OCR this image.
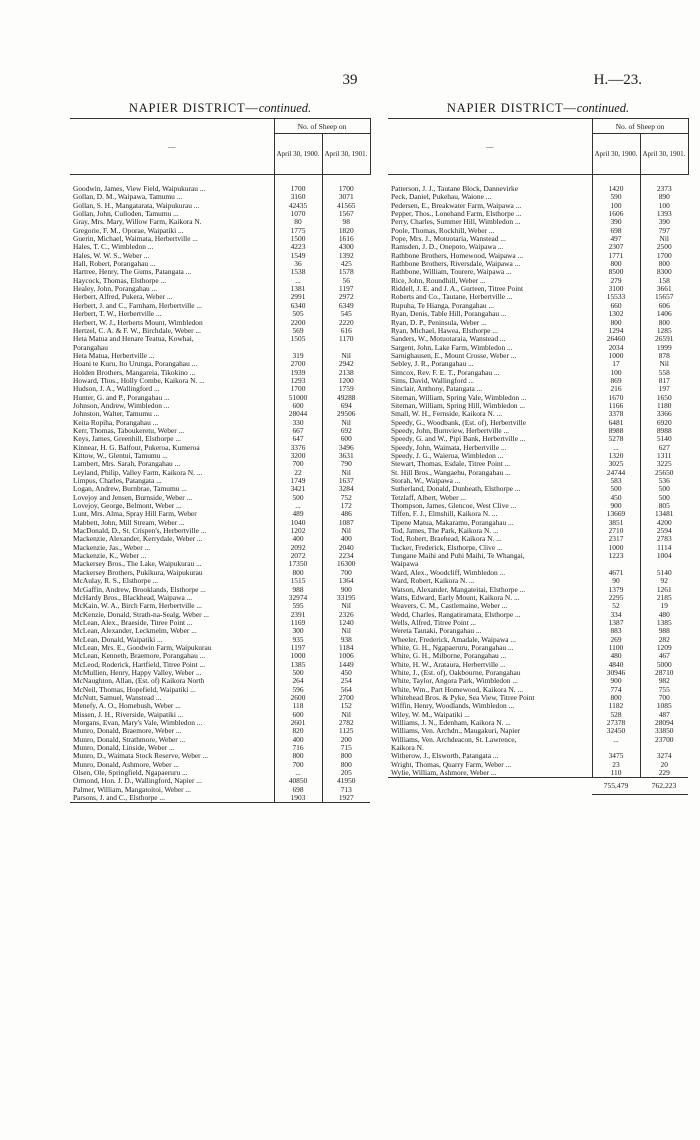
39	H.—23.
NAPIER DISTRICT—continued.
—	No. of Sheep on	
	April 30, 1900.	April 30, 1901.

Goodwin, James, View Field, Waipukurau ...	1700	1700
Gollan, D. M., Waipawa, Tamumu ...	3160	3071
Gollan, S. H., Mangatarata, Waipukurau ...	42435	41565
Gollan, John, Culloden, Tamumu ...	1070	1567
Gray, Mrs. Mary, Willow Farm, Kaikora N.	80	98
Gregorie, F. M., Oporae, Waipatiki ...	1775	1820
Guerin, Michael, Waimata, Herbertville ...	1500	1616
Hales, T. C., Wimbledon ...	4223	4300
Hales, W. W. S., Weber ...	1549	1392
Hall, Robert, Porangahau ...	36	425
Hartree, Henry, The Gums, Patangata ...	1538	1578
Haycock, Thomas, Elsthorpe ...	...	56
Healey, John, Porangahau ...	1381	1197
Herbert, Alfred, Pukera, Weber ...	2991	2972
Herbert, J. and C., Farnham, Herbertville ...	6340	6349
Herbert, T. W., Herbertville ...	505	545
Herbert, W. J., Herberts Mount, Wimbledon	2200	2220
Hertzel, C. A. & F. W., Birchdale, Weber ...	569	616
Heta Matua and Henare Teatua, Kowhai,	1505	1170
Porangahau		
Heta Matua, Herbertville ...	319	Nil
Hoani te Kuru, Ito Urunga, Porangahau ...	2700	2942
Holden Brothers, Mangareia, Tikokino ...	1939	2138
Howard, Thos., Holly Combe, Kaikora N. ...	1293	1200
Hudson, J. A., Wallingford ...	1700	1759
Hunter, G. and P., Porangahau ...	51000	49288
Johnson, Andrew, Wimbledon ...	600	694
Johnston, Walter, Tamumu ...	28044	29506
Keita Ropiha, Porangahau ...	330	Nil
Kerr, Thomas, Taboukeretu, Weber ...	667	692
Keys, James, Greenhill, Elsthorpe ...	647	600
Kinnear, H. G. Balfour, Pukeroa, Kumeroa	3376	3496
Kittow, W., Glentui, Tamumu ...	3200	3631
Lambert, Mrs. Sarah, Porangahau ...	700	790
Leyland, Philip, Valley Farm, Kaikora N. ...	22	Nil
Limpus, Charles, Patangata ...	1749	1637
Logan, Andrew, Burnbrae, Tamumu ...	3421	3284
Lovejoy and Jensen, Burnside, Weber ...	500	752
Lovejoy, George, Belmont, Weber ...	...	172
Lunt, Mrs. Alma, Spray Hill Farm, Weber	489	486
Mabbett, John, Mill Stream, Weber ...	1040	1087
MacDonald, D., St. Crispen's, Herbertville ...	1202	Nil
Mackenzie, Alexander, Kerrydale, Weber ...	400	400
Mackenzie, Jas., Weber ...	2092	2040
Mackenzie, K., Weber ...	2072	2234
Mackersey Bros., The Lake, Waipukurau ...	17350	16300
Mackersey Brothers, Pukikura, Waipukurau	800	700
McAulay, R. S., Elsthorpe ...	1515	1364
McGaffin, Andrew, Brooklands, Elsthorpe ...	988	900
McHardy Bros., Blackhead, Waipawa ...	32974	33195
McKain, W. A., Birch Farm, Herbertville ...	595	Nil
McKenzie, Donald, Strath-na-Sealg, Weber ...	2391	2326
McLean, Alex., Braeside, Titree Point ...	1169	1240
McLean, Alexander, Leckmelm, Weber ...	300	Nil
McLean, Donald, Waipatiki ...	935	938
McLean, Mrs. E., Goodwin Farm, Waipukurau	1197	1184
McLean, Kenneth, Braemore, Porangahau ...	1000	1006
McLeod, Roderick, Hartfield, Titree Point ...	1385	1449
McMullien, Henry, Happy Valley, Weber ...	500	450
McNaughton, Allan, (Est. of) Kaikora North	264	254
McNeil, Thomas, Hopefield, Waipatiki ...	596	564
McNutt, Samuel, Wanstead ...	2600	2700
Menefy, A. O., Homebush, Weber ...	118	152
Missen, J. H., Riverside, Waipatiki ...	600	Nil
Morgans, Evan, Mary's Vale, Wimbledon ...	2601	2782
Munro, Donald, Braemore, Weber ...	820	1125
Munro, Donald, Strathmore, Weber ...	400	200
Munro, Donald, Linside, Weber ...	716	715
Munro, D., Waimata Stock Reserve, Weber ...	800	800
Munro, Donald, Ashmore, Weber ...	700	800
Olsen, Ole, Springfield, Ngapaeruru ...	...	205
Ormond, Hon. J. D., Wallingford, Napier ...	40850	41950
Palmer, William, Mangatoitoi, Weber ...	698	713
Parsons, J. and C., Elsthorpe ...	1903	1927
NAPIER DISTRICT—continued.
—	No. of Sheep on	
	April 30, 1900.	April 30, 1901.

Patterson, J. J., Tautane Block, Dannevirke	1420	2373
Peck, Daniel, Pukehau, Waione ...	590	890
Pedersen, E., Breakwater Farm, Waipawa ...	100	100
Pepper, Thos., Lonehand Farm, Elsthorpe ...	1606	1393
Perry, Charles, Summer Hill, Wimbledon ...	390	390
Poole, Thomas, Rockhill, Weber ...	698	797
Pope, Mrs. J., Motuotaria, Wanstead ...	497	Nil
Ramsden, J. D., Onepoto, Waipawa ...	2307	2500
Rathbone Brothers, Homewood, Waipawa ...	1771	1700
Rathbone Brothers, Riversdale, Waipawa ...	800	800
Rathbone, William, Tourere, Waipawa ...	8500	8300
Rice, John, Roundhill, Weber ...	279	158
Riddell, J. E. and J. A., Gurteen, Titree Point	3100	3661
Roberts and Co., Tautane, Herbertville ...	15533	15657
Rupuha, Te Hianga, Porangahau ...	660	606
Ryan, Denis, Table Hill, Porangahau ...	1302	1406
Ryan, D. P., Peninsula, Weber ...	800	800
Ryan, Michael, Hawea, Elsthorpe ...	1294	1285
Sanders, W., Motuotaraia, Wanstead ...	26460	26591
Sargent, John, Lake Farm, Wimbledon ...	2034	1999
Sarnighausen, E., Mount Crosse, Weber ...	1000	878
Sebley, J. R., Porangahau ...	17	Nil
Simcox, Rev. F. E. T., Porangahau ...	100	558
Sims, David, Wallingford ...	869	817
Sinclair, Anthony, Patangata ...	216	197
Siteman, William, Spring Vale, Wimbledon ...	1670	1650
Siteman, William, Spring Hill, Wimbledon ...	1166	1180
Small, W. H., Fernside, Kaikora N. ...	3378	3366
Speedy, G., Woodbank, (Est. of), Herbertville	6481	6920
Speedy, John, Burnview, Herbertville ...	8988	8988
Speedy, G. and W., Pipi Bank, Herbertville ...	5278	5140
Speedy, John, Waimata, Herbertville ...	...	627
Speedy, J. G., Waierua, Wimbledon ...	1320	1311
Stewart, Thomas, Esdale, Titree Point ...	3025	3225
St. Hill Bros., Wangaehu, Porangahau ...	24744	25650
Storah, W., Waipawa ...	583	536
Sutherland, Donald, Dunbeath, Elsthorpe ...	500	500
Tetzlaff, Albert, Weber ...	450	500
Thompson, James, Glencoe, West Clive ...	900	805
Tiffen, F. J., Elmshill, Kaikora N. ...	13669	13481
Tipene Matua, Makaramu, Porangahau ...	3851	4200
Tod, James, The Park, Kaikora N. ...	2710	2594
Tod, Robert, Braehead, Kaikora N. ...	2317	2783
Tucker, Frederick, Elsthorpe, Clive ...	1000	1114
Tungane Maihi and Puhi Maihi, Te Whangai,	1223	1004
Waipawa		
Ward, Alex., Woodcliff, Wimbledon ...	4671	5140
Ward, Robert, Kaikora N. ...	90	92
Watson, Alexander, Mangateitai, Elsthorpe ...	1379	1261
Watts, Edward, Early Mount, Kaikora N. ...	2295	2185
Weavers, C. M., Castlemaine, Weber ...	52	19
Wedd, Charles, Rangatiramata, Elsthorpe ...	334	480
Wells, Alfred, Titree Point ...	1387	1385
Wereta Tautaki, Porangahau ...	883	988
Wheeler, Frederick, Amadale, Waipawa ...	269	282
White, G. H., Ngapaeruru, Porangahau ...	1100	1209
White, G. H., Milborne, Porangahau ...	480	467
White, H. W., Arataura, Herbertville ...	4840	5000
White, J., (Est. of), Oakbourne, Porangahau	30946	28710
White, Taylor, Angora Park, Wimbledon ...	900	982
White, Wm., Part Homewood, Kaikora N. ...	774	755
Whitehead Bros. & Pyke, Sea View, Titree Point	800	700
Wiffin, Henry, Woodlands, Wimbledon ...	1182	1085
Wiley, W. M., Waipatiki ...	528	487
Williams, J. N., Edenham, Kaikora N. ...	27378	28094
Williams, Ven. Archdn., Maugakuri, Napier	32450	33850
Williams, Ven. Archdeacon, St. Lawrence,	...	23700
Kaikora N.		
Witherow, J., Elsworth, Patangata ...	3475	3274
Wright, Thomas, Quarry Farm, Weber ...	23	20
Wylie, William, Ashmore, Weber ...	110	229
	755,479	762,223
